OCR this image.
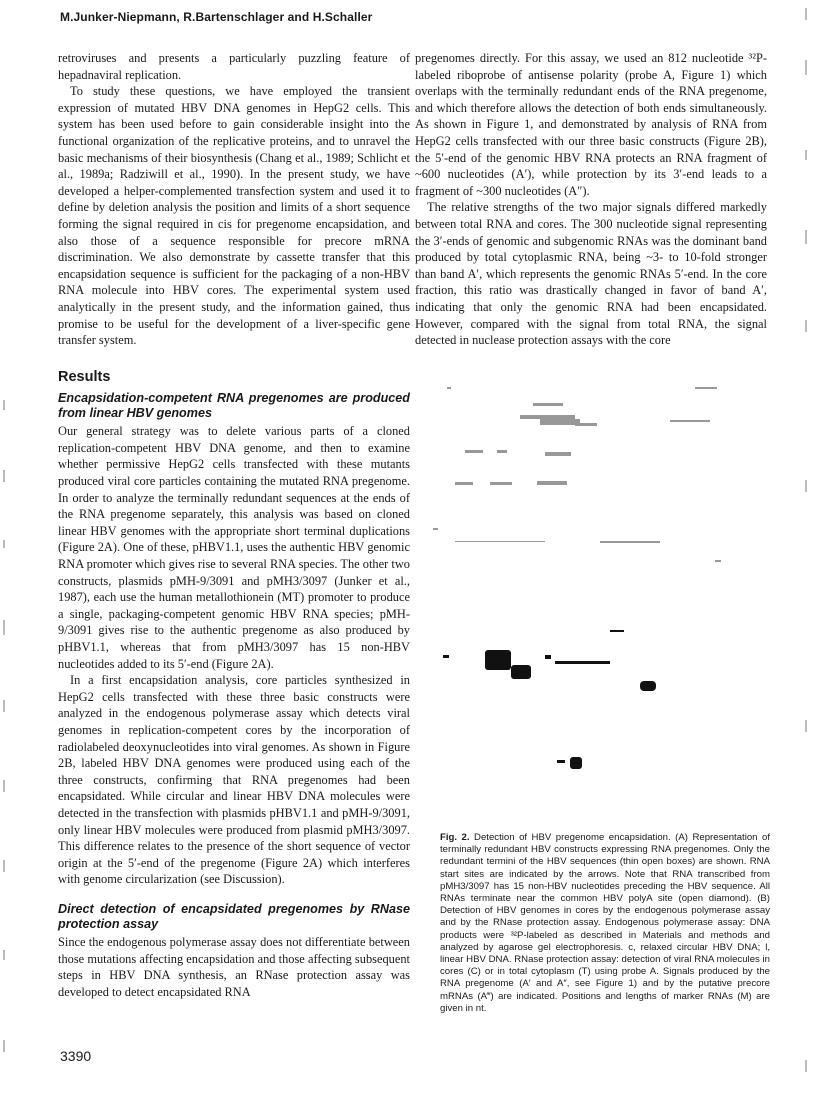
M.Junker-Niepmann, R.Bartenschlager and H.Schaller

retroviruses and presents a particularly puzzling feature of hepadnaviral replication.

To study these questions, we have employed the transient expression of mutated HBV DNA genomes in HepG2 cells. This system has been used before to gain considerable insight into the functional organization of the replicative proteins, and to unravel the basic mechanisms of their biosynthesis (Chang et al., 1989; Schlicht et al., 1989a; Radziwill et al., 1990). In the present study, we have developed a helper-complemented transfection system and used it to define by deletion analysis the position and limits of a short sequence forming the signal required in cis for pregenome encapsidation, and also those of a sequence responsible for precore mRNA discrimination. We also demonstrate by cassette transfer that this encapsidation sequence is sufficient for the packaging of a non-HBV RNA molecule into HBV cores. The experimental system used analytically in the present study, and the information gained, thus promise to be useful for the development of a liver-specific gene transfer system.

Results
Encapsidation-competent RNA pregenomes are produced from linear HBV genomes

Our general strategy was to delete various parts of a cloned replication-competent HBV DNA genome, and then to examine whether permissive HepG2 cells transfected with these mutants produced viral core particles containing the mutated RNA pregenome. In order to analyze the terminally redundant sequences at the ends of the RNA pregenome separately, this analysis was based on cloned linear HBV genomes with the appropriate short terminal duplications (Figure 2A). One of these, pHBV1.1, uses the authentic HBV genomic RNA promoter which gives rise to several RNA species. The other two constructs, plasmids pMH-9/3091 and pMH3/3097 (Junker et al., 1987), each use the human metallothionein (MT) promoter to produce a single, packaging-competent genomic HBV RNA species; pMH-9/3091 gives rise to the authentic pregenome as also produced by pHBV1.1, whereas that from pMH3/3097 has 15 non-HBV nucleotides added to its 5′-end (Figure 2A).

In a first encapsidation analysis, core particles synthesized in HepG2 cells transfected with these three basic constructs were analyzed in the endogenous polymerase assay which detects viral genomes in replication-competent cores by the incorporation of radiolabeled deoxynucleotides into viral genomes. As shown in Figure 2B, labeled HBV DNA genomes were produced using each of the three constructs, confirming that RNA pregenomes had been encapsidated. While circular and linear HBV DNA molecules were detected in the transfection with plasmids pHBV1.1 and pMH-9/3091, only linear HBV molecules were produced from plasmid pMH3/3097. This difference relates to the presence of the short sequence of vector origin at the 5′-end of the pregenome (Figure 2A) which interferes with genome circularization (see Discussion).

Direct detection of encapsidated pregenomes by RNase protection assay

Since the endogenous polymerase assay does not differentiate between those mutations affecting encapsidation and those affecting subsequent steps in HBV DNA synthesis, an RNase protection assay was developed to detect encapsidated RNA

pregenomes directly. For this assay, we used an 812 nucleotide ³²P-labeled riboprobe of antisense polarity (probe A, Figure 1) which overlaps with the terminally redundant ends of the RNA pregenome, and which therefore allows the detection of both ends simultaneously. As shown in Figure 1, and demonstrated by analysis of RNA from HepG2 cells transfected with our three basic constructs (Figure 2B), the 5′-end of the genomic HBV RNA protects an RNA fragment of ~600 nucleotides (A′), while protection by its 3′-end leads to a fragment of ~300 nucleotides (A″).

The relative strengths of the two major signals differed markedly between total RNA and cores. The 300 nucleotide signal representing the 3′-ends of genomic and subgenomic RNAs was the dominant band produced by total cytoplasmic RNA, being ~3- to 10-fold stronger than band A′, which represents the genomic RNAs 5′-end. In the core fraction, this ratio was drastically changed in favor of band A′, indicating that only the genomic RNA had been encapsidated. However, compared with the signal from total RNA, the signal detected in nuclease protection assays with the core

Fig. 2. Detection of HBV pregenome encapsidation. (A) Representation of terminally redundant HBV constructs expressing RNA pregenomes. Only the redundant termini of the HBV sequences (thin open boxes) are shown. RNA start sites are indicated by the arrows. Note that RNA transcribed from pMH3/3097 has 15 non-HBV nucleotides preceding the HBV sequence. All RNAs terminate near the common HBV polyA site (open diamond). (B) Detection of HBV genomes in cores by the endogenous polymerase assay and by the RNase protection assay. Endogenous polymerase assay: DNA products were ³²P-labeled as described in Materials and methods and analyzed by agarose gel electrophoresis. c, relaxed circular HBV DNA; l, linear HBV DNA. RNase protection assay: detection of viral RNA molecules in cores (C) or in total cytoplasm (T) using probe A. Signals produced by the RNA pregenome (A′ and A″, see Figure 1) and by the putative precore mRNAs (A‴) are indicated. Positions and lengths of marker RNAs (M) are given in nt.
3390
